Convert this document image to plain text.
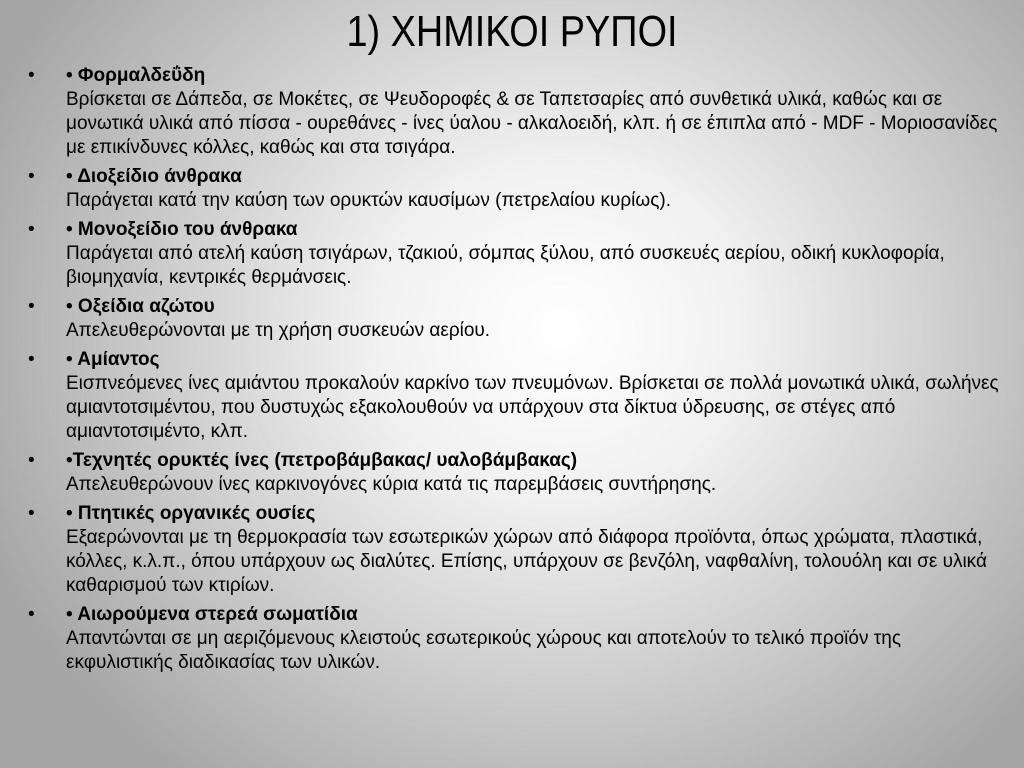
1) ΧΗΜΙΚΟΙ ΡΥΠΟΙ
• • Φορμαλδεΰδη
Βρίσκεται σε Δάπεδα, σε Μοκέτες, σε Ψευδοροφές & σε Ταπετσαρίες από συνθετικά υλικά, καθώς και σε μονωτικά υλικά από πίσσα - ουρεθάνες - ίνες ύαλου - αλκαλοειδή, κλπ. ή σε έπιπλα από - MDF - Μοριοσανίδες με επικίνδυνες κόλλες, καθώς και στα τσιγάρα.
• • Διοξείδιο άνθρακα
Παράγεται κατά την καύση των ορυκτών καυσίμων (πετρελαίου κυρίως).
• • Μονοξείδιο του άνθρακα
Παράγεται από ατελή καύση τσιγάρων, τζακιού, σόμπας ξύλου, από συσκευές αερίου, οδική κυκλοφορία, βιομηχανία, κεντρικές θερμάνσεις.
• • Οξείδια αζώτου
Απελευθερώνονται με τη χρήση συσκευών αερίου.
• • Αμίαντος
Εισπνεόμενες ίνες αμιάντου προκαλούν καρκίνο των πνευμόνων. Βρίσκεται σε πολλά μονωτικά υλικά, σωλήνες αμιαντοτσιμέντου, που δυστυχώς εξακολουθούν να υπάρχουν στα δίκτυα ύδρευσης, σε στέγες από αμιαντοτσιμέντο, κλπ.
• •Τεχνητές ορυκτές ίνες (πετροβάμβακας/ υαλοβάμβακας)
Απελευθερώνουν ίνες καρκινογόνες κύρια κατά τις παρεμβάσεις συντήρησης.
• • Πτητικές οργανικές ουσίες
Εξαερώνονται με τη θερμοκρασία των εσωτερικών χώρων από διάφορα προϊόντα, όπως χρώματα, πλαστικά, κόλλες, κ.λ.π., όπου υπάρχουν ως διαλύτες. Επίσης, υπάρχουν σε βενζόλη, ναφθαλίνη, τολουόλη και σε υλικά καθαρισμού των κτιρίων.
• • Αιωρούμενα στερεά σωματίδια
Απαντώνται σε μη αεριζόμενους κλειστούς εσωτερικούς χώρους και αποτελούν το τελικό προϊόν της εκφυλιστικής διαδικασίας των υλικών.
